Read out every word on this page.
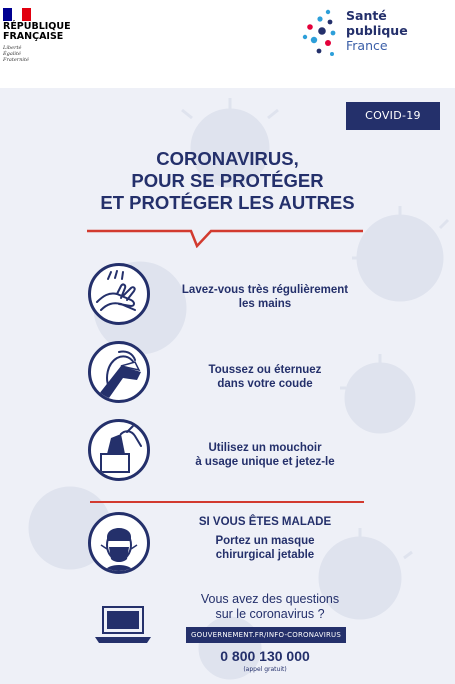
RÉPUBLIQUE
FRANÇAISE
Liberté
Égalité
Fraternité
Santé
publique
France
COVID-19
CORONAVIRUS,
POUR SE PROTÉGER
ET PROTÉGER LES AUTRES
Lavez-vous très régulièrement
les mains
Toussez ou éternuez
dans votre coude
Utilisez un mouchoir
à usage unique et jetez-le
SI VOUS ÊTES MALADE
Portez un masque
chirurgical jetable
Vous avez des questions
sur le coronavirus ?
GOUVERNEMENT.FR/INFO-CORONAVIRUS
0 800 130 000
(appel gratuit)
